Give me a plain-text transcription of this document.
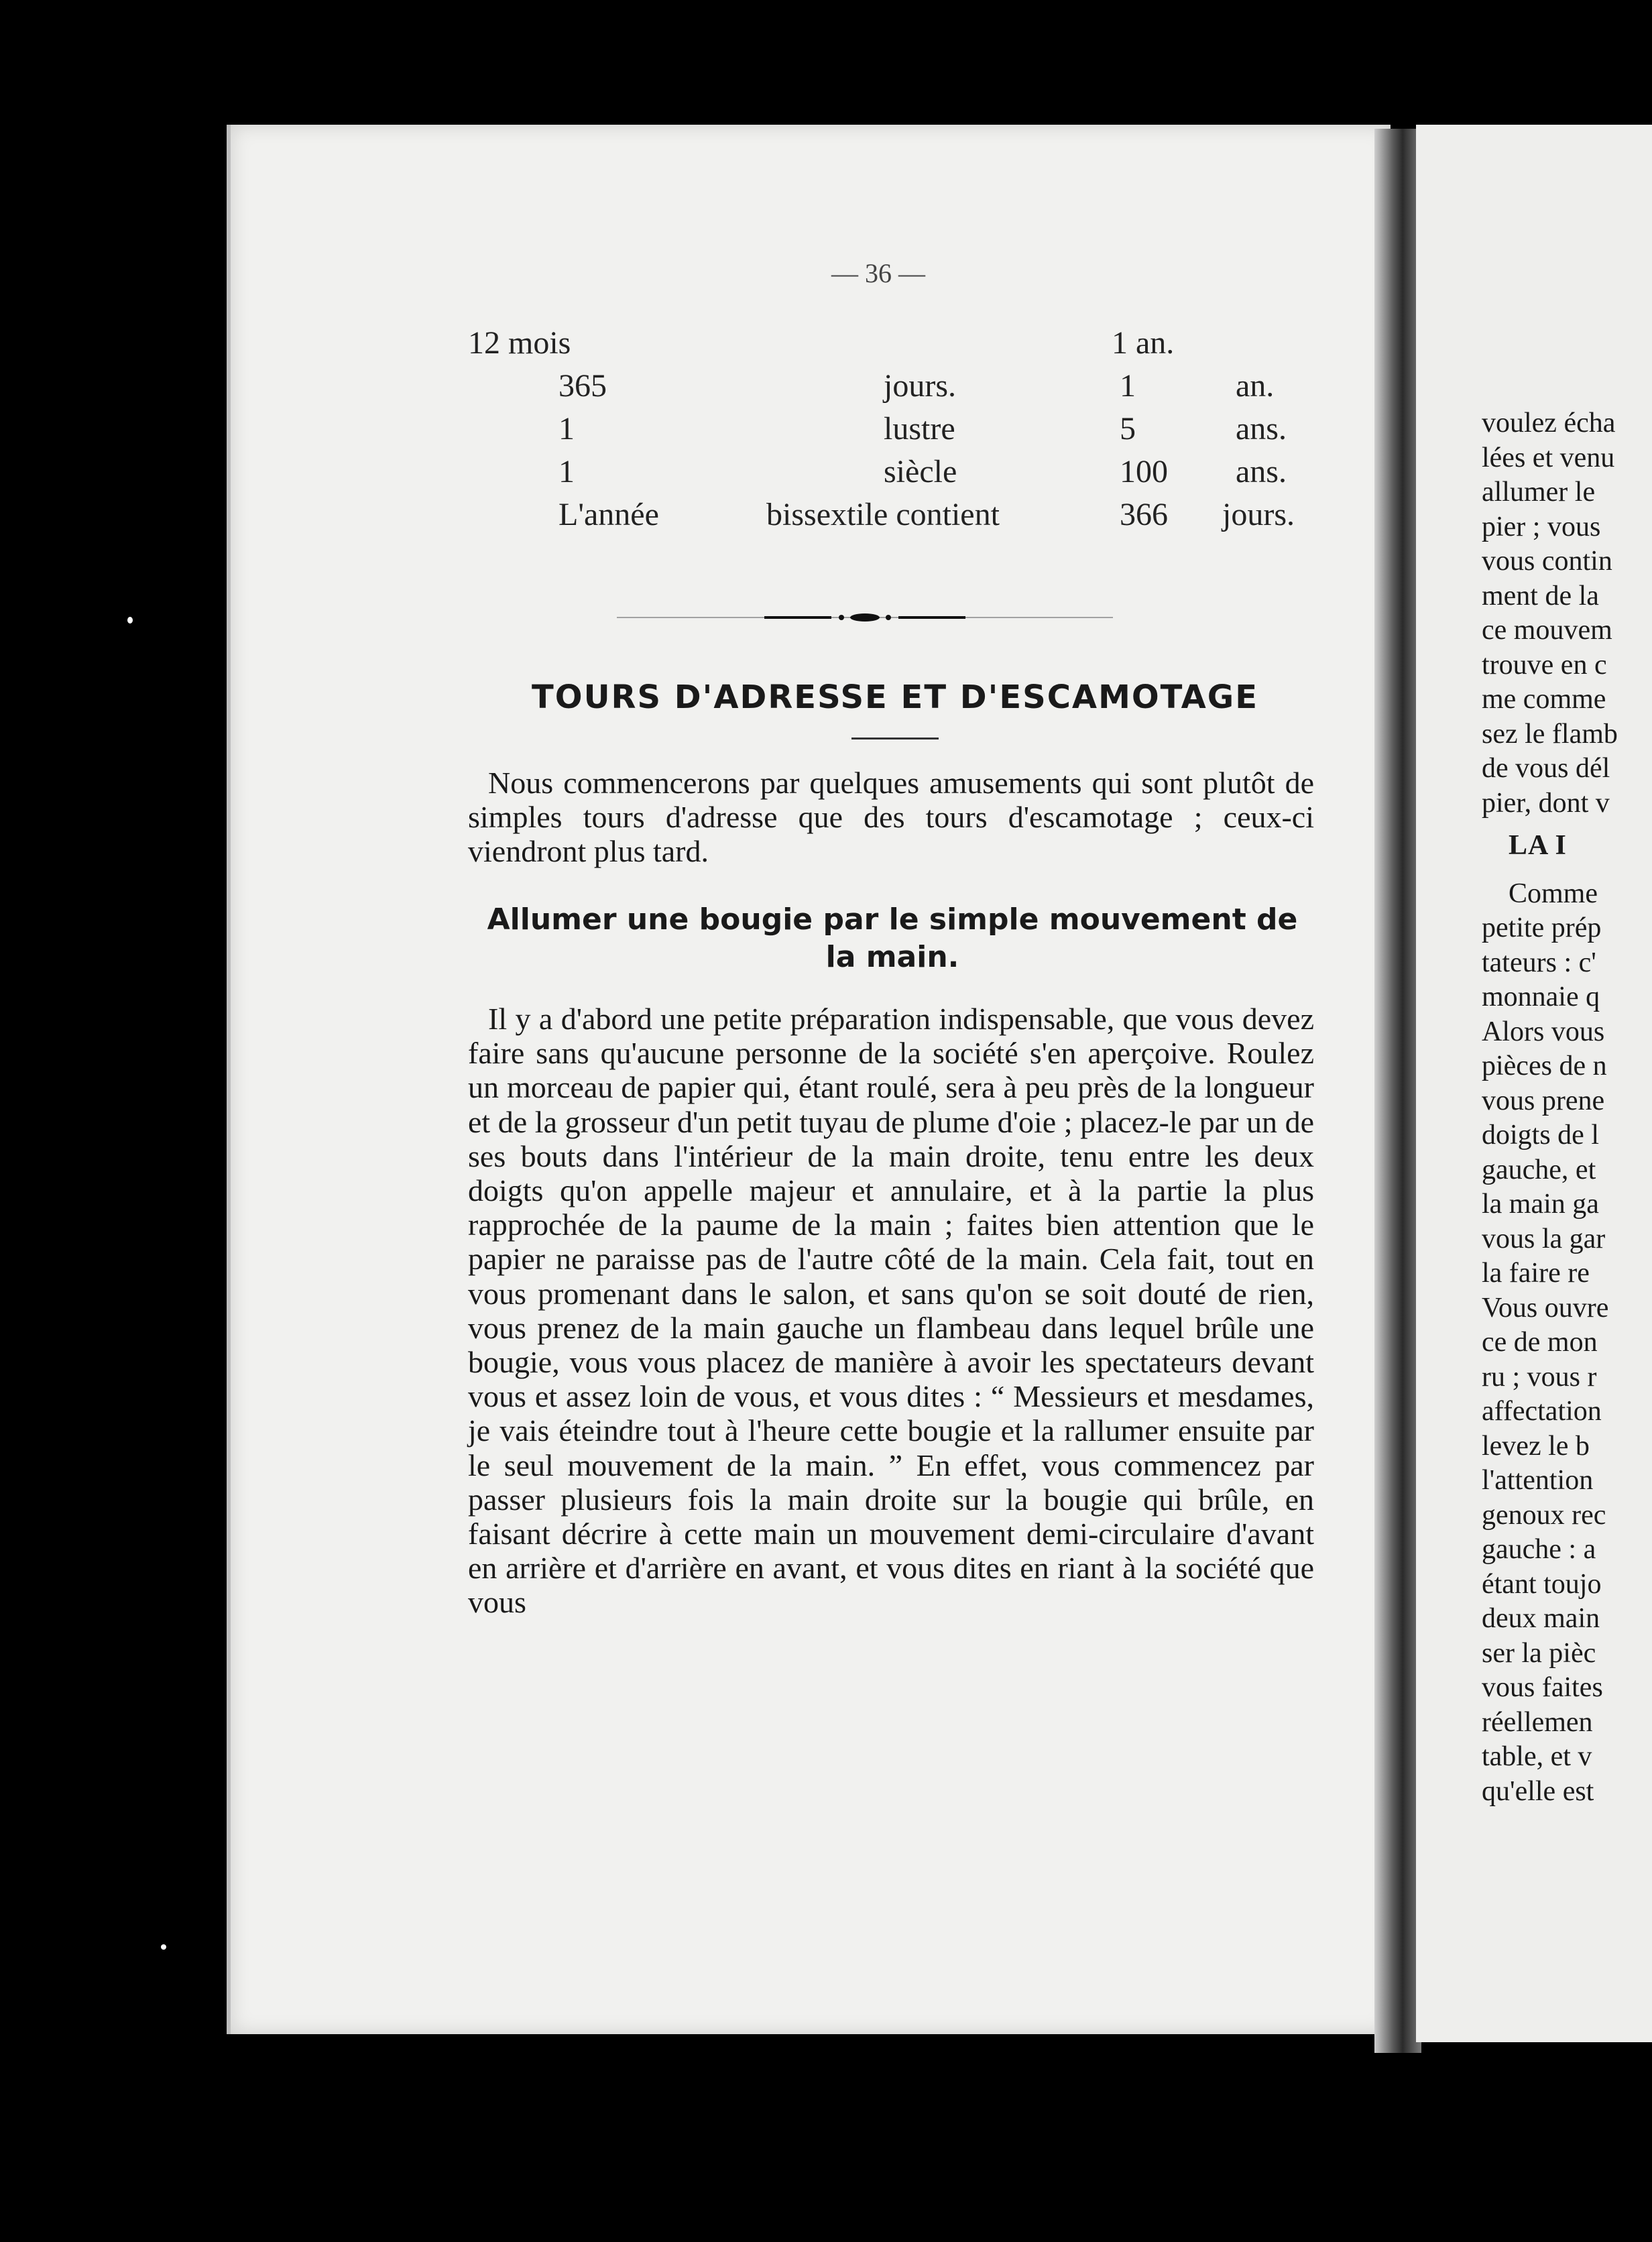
voulez écha
lées et venu
allumer le
pier ; vous
vous contin
ment de la
ce mouvem
trouve en c
me comme
sez le flamb
de vous dél
pier, dont v
LA I
Comme
petite prép
tateurs : c'
monnaie q
Alors vous
pièces de n
vous prene
doigts de l
gauche, et
la main ga
vous la gar
la faire re
Vous ouvre
ce de mon
ru ; vous r
affectation
levez le b
l'attention
genoux rec
gauche : a
étant toujo
deux main
ser la pièc
vous faites
réellemen
table, et v
qu'elle est
— 36 —
12 mois	1 an.
365	jours.	1	an.
1	lustre	5	ans.
1	siècle	100 ans.
L'année	bissextile contient	366 jours.
TOURS D'ADRESSE ET D'ESCAMOTAGE

Nous commencerons par quelques amusements qui sont plutôt de simples tours d'adresse que des tours d'escamotage ; ceux-ci viendront plus tard.

Allumer une bougie par le simple mouvement de la main.

Il y a d'abord une petite préparation indispensable, que vous devez faire sans qu'aucune personne de la société s'en aperçoive. Roulez un morceau de papier qui, étant roulé, sera à peu près de la longueur et de la grosseur d'un petit tuyau de plume d'oie ; placez-le par un de ses bouts dans l'intérieur de la main droite, tenu entre les deux doigts qu'on appelle majeur et annulaire, et à la partie la plus rapprochée de la paume de la main ; faites bien attention que le papier ne paraisse pas de l'autre côté de la main. Cela fait, tout en vous promenant dans le salon, et sans qu'on se soit douté de rien, vous prenez de la main gauche un flambeau dans lequel brûle une bougie, vous vous placez de manière à avoir les spectateurs devant vous et assez loin de vous, et vous dites : “ Messieurs et mesdames, je vais éteindre tout à l'heure cette bougie et la rallumer ensuite par le seul mouvement de la main. ” En effet, vous commencez par passer plusieurs fois la main droite sur la bougie qui brûle, en faisant décrire à cette main un mouvement demi-circulaire d'avant en arrière et d'arrière en avant, et vous dites en riant à la société que vous
